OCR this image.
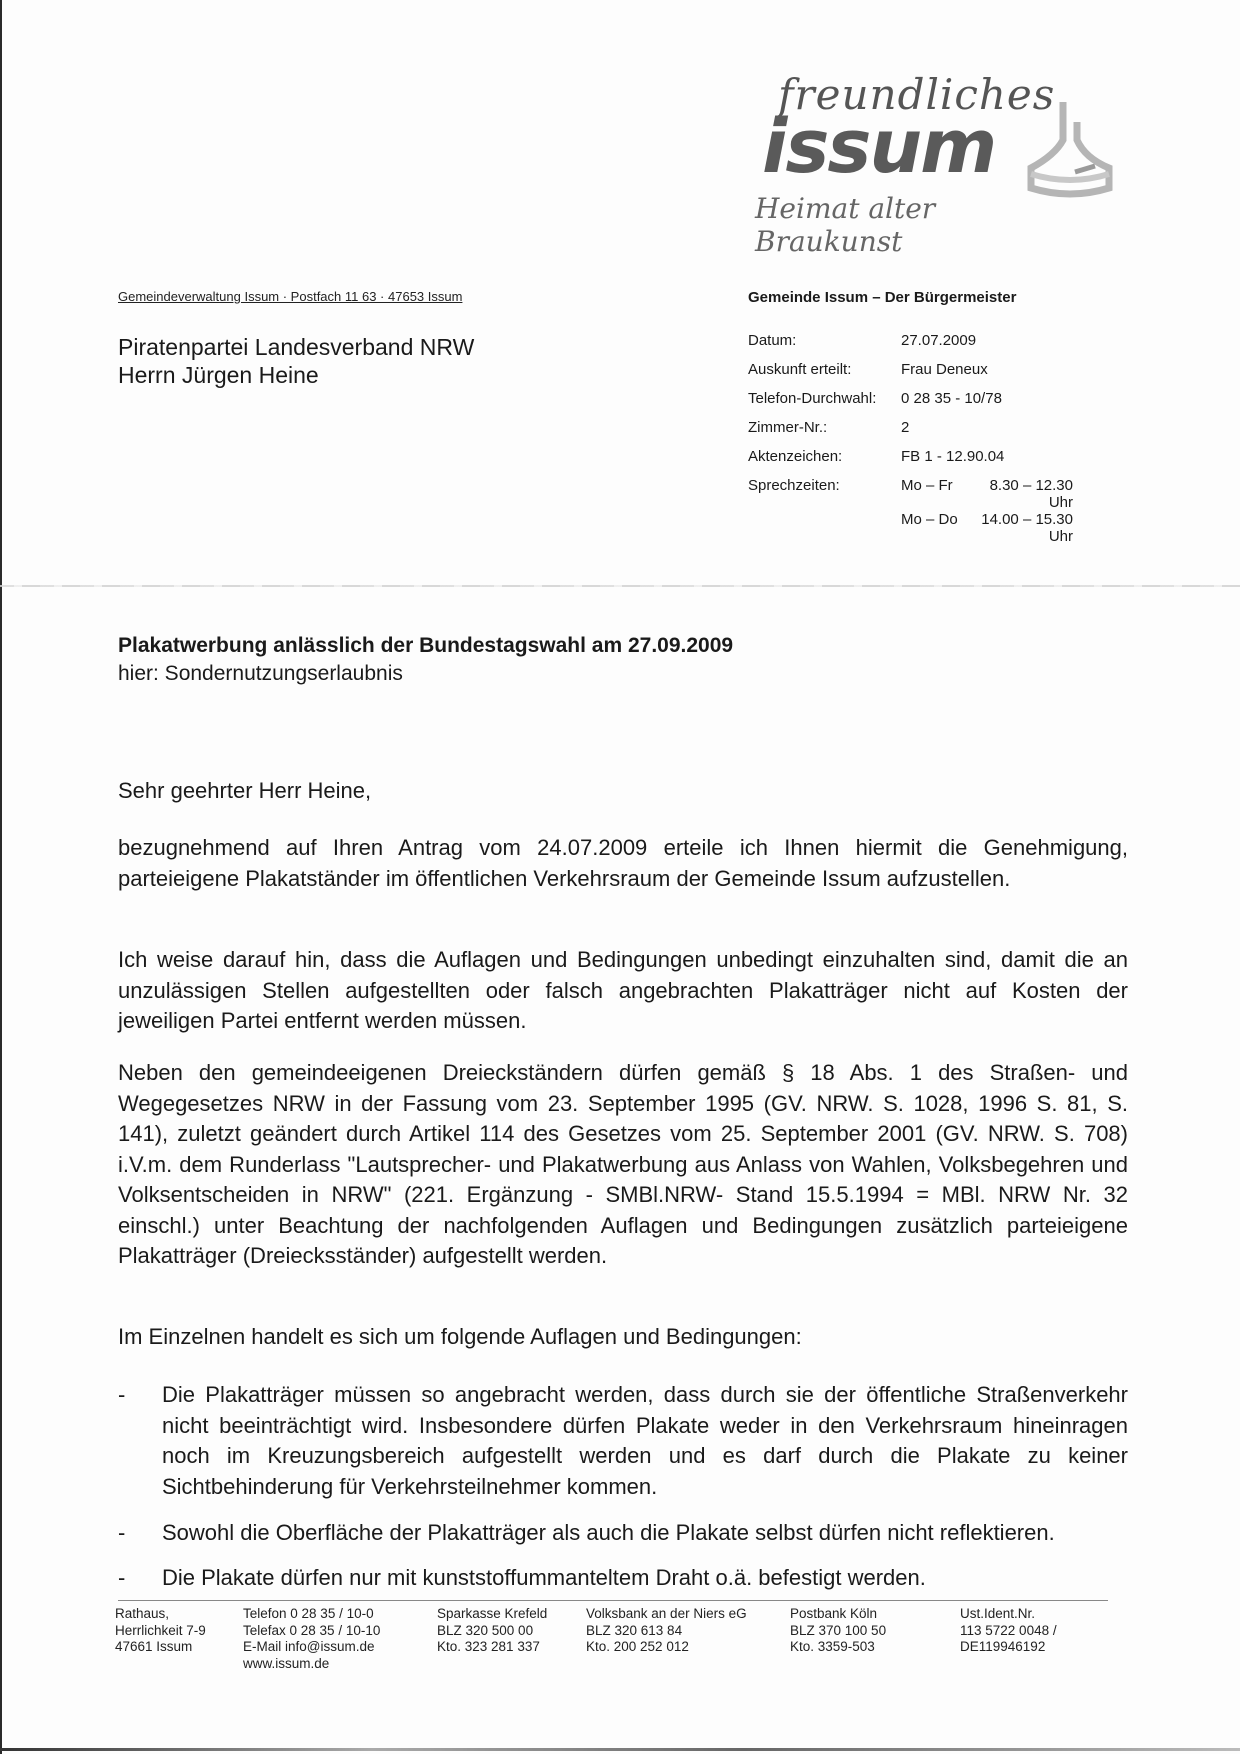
freundliches
issum
Heimat alter Braukunst
Gemeindeverwaltung Issum · Postfach 11 63 · 47653 Issum
Piratenpartei Landesverband NRW
Herrn Jürgen Heine
Gemeinde Issum – Der Bürgermeister
Datum:	27.07.2009
Auskunft erteilt:	Frau Deneux
Telefon-Durchwahl:	0 28 35 - 10/78
Zimmer-Nr.:	2
Aktenzeichen:	FB 1 - 12.90.04
Sprechzeiten:	Mo – Fr 8.30 – 12.30 Uhr
Mo – Do 14.00 – 15.30 Uhr
Plakatwerbung anlässlich der Bundestagswahl am 27.09.2009
hier: Sondernutzungserlaubnis
Sehr geehrter Herr Heine,
bezugnehmend auf Ihren Antrag vom 24.07.2009 erteile ich Ihnen hiermit die Genehmigung, parteieigene Plakatständer im öffentlichen Verkehrsraum der Gemeinde Issum aufzustellen.
Ich weise darauf hin, dass die Auflagen und Bedingungen unbedingt einzuhalten sind, damit die an unzulässigen Stellen aufgestellten oder falsch angebrachten Plakatträger nicht auf Kosten der jeweiligen Partei entfernt werden müssen.
Neben den gemeindeeigenen Dreieckständern dürfen gemäß § 18 Abs. 1 des Straßen- und Wegegesetzes NRW in der Fassung vom 23. September 1995 (GV. NRW. S. 1028, 1996 S. 81, S. 141), zuletzt geändert durch Artikel 114 des Gesetzes vom 25. September 2001 (GV. NRW. S. 708) i.V.m. dem Runderlass "Lautsprecher- und Plakatwerbung aus Anlass von Wahlen, Volksbegehren und Volksentscheiden in NRW" (221. Ergänzung - SMBl.NRW- Stand 15.5.1994 = MBl. NRW Nr. 32 einschl.) unter Beachtung der nachfolgenden Auflagen und Bedingungen zusätzlich parteieigene Plakatträger (Dreiecksständer) aufgestellt werden.
Im Einzelnen handelt es sich um folgende Auflagen und Bedingungen:
-	Die Plakatträger müssen so angebracht werden, dass durch sie der öffentliche Straßenverkehr nicht beeinträchtigt wird. Insbesondere dürfen Plakate weder in den Verkehrsraum hineinragen noch im Kreuzungsbereich aufgestellt werden und es darf durch die Plakate zu keiner Sichtbehinderung für Verkehrsteilnehmer kommen.
-	Sowohl die Oberfläche der Plakatträger als auch die Plakate selbst dürfen nicht reflektieren.
-	Die Plakate dürfen nur mit kunststoffummanteltem Draht o.ä. befestigt werden.
Rathaus,
Herrlichkeit 7-9
47661 Issum
Telefon 0 28 35 / 10-0
Telefax 0 28 35 / 10-10
E-Mail info@issum.de
www.issum.de
Sparkasse Krefeld
BLZ 320 500 00
Kto. 323 281 337
Volksbank an der Niers eG
BLZ 320 613 84
Kto. 200 252 012
Postbank Köln
BLZ 370 100 50
Kto. 3359-503
Ust.Ident.Nr.
113 5722 0048 /
DE119946192
